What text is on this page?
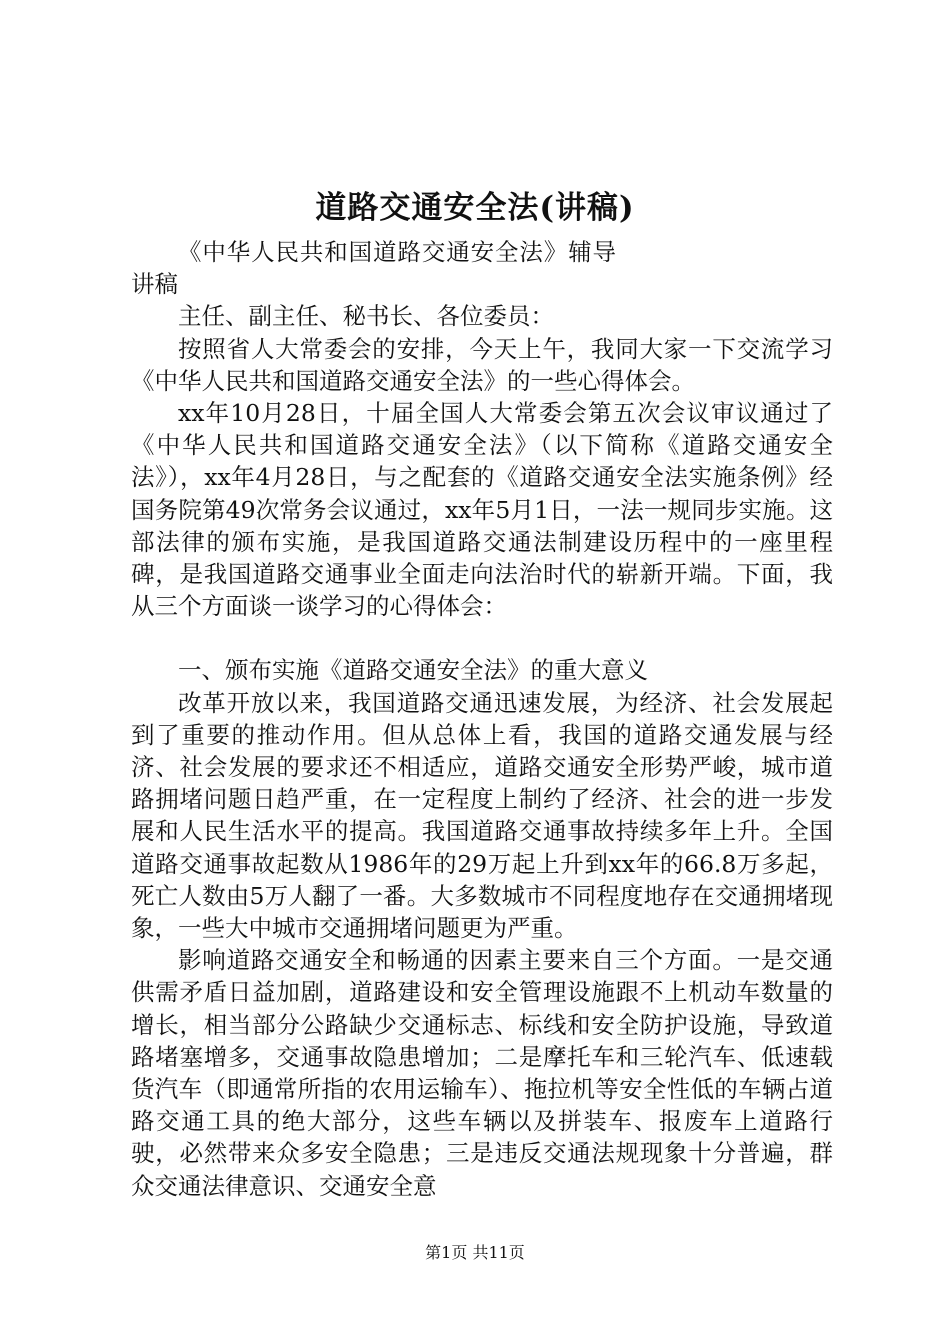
道路交通安全法(讲稿)

《中华人民共和国道路交通安全法》辅导讲稿

主任、副主任、秘书长、各位委员：

按照省人大常委会的安排，今天上午，我同大家一下交流学习《中华人民共和国道路交通安全法》的一些心得体会。

xx年10月28日，十届全国人大常委会第五次会议审议通过了《中华人民共和国道路交通安全法》（以下简称《道路交通安全法》），xx年4月28日，与之配套的《道路交通安全法实施条例》经国务院第49次常务会议通过，xx年5月1日，一法一规同步实施。这部法律的颁布实施，是我国道路交通法制建设历程中的一座里程碑，是我国道路交通事业全面走向法治时代的崭新开端。下面，我从三个方面谈一谈学习的心得体会：

一、颁布实施《道路交通安全法》的重大意义

改革开放以来，我国道路交通迅速发展，为经济、社会发展起到了重要的推动作用。但从总体上看，我国的道路交通发展与经济、社会发展的要求还不相适应，道路交通安全形势严峻，城市道路拥堵问题日趋严重，在一定程度上制约了经济、社会的进一步发展和人民生活水平的提高。我国道路交通事故持续多年上升。全国道路交通事故起数从1986年的29万起上升到xx年的66.8万多起，死亡人数由5万人翻了一番。大多数城市不同程度地存在交通拥堵现象，一些大中城市交通拥堵问题更为严重。

影响道路交通安全和畅通的因素主要来自三个方面。一是交通供需矛盾日益加剧，道路建设和安全管理设施跟不上机动车数量的增长，相当部分公路缺少交通标志、标线和安全防护设施，导致道路堵塞增多，交通事故隐患增加；二是摩托车和三轮汽车、低速载货汽车（即通常所指的农用运输车）、拖拉机等安全性低的车辆占道路交通工具的绝大部分，这些车辆以及拼装车、报废车上道路行驶，必然带来众多安全隐患；三是违反交通法规现象十分普遍，群众交通法律意识、交通安全意

第1页 共11页
